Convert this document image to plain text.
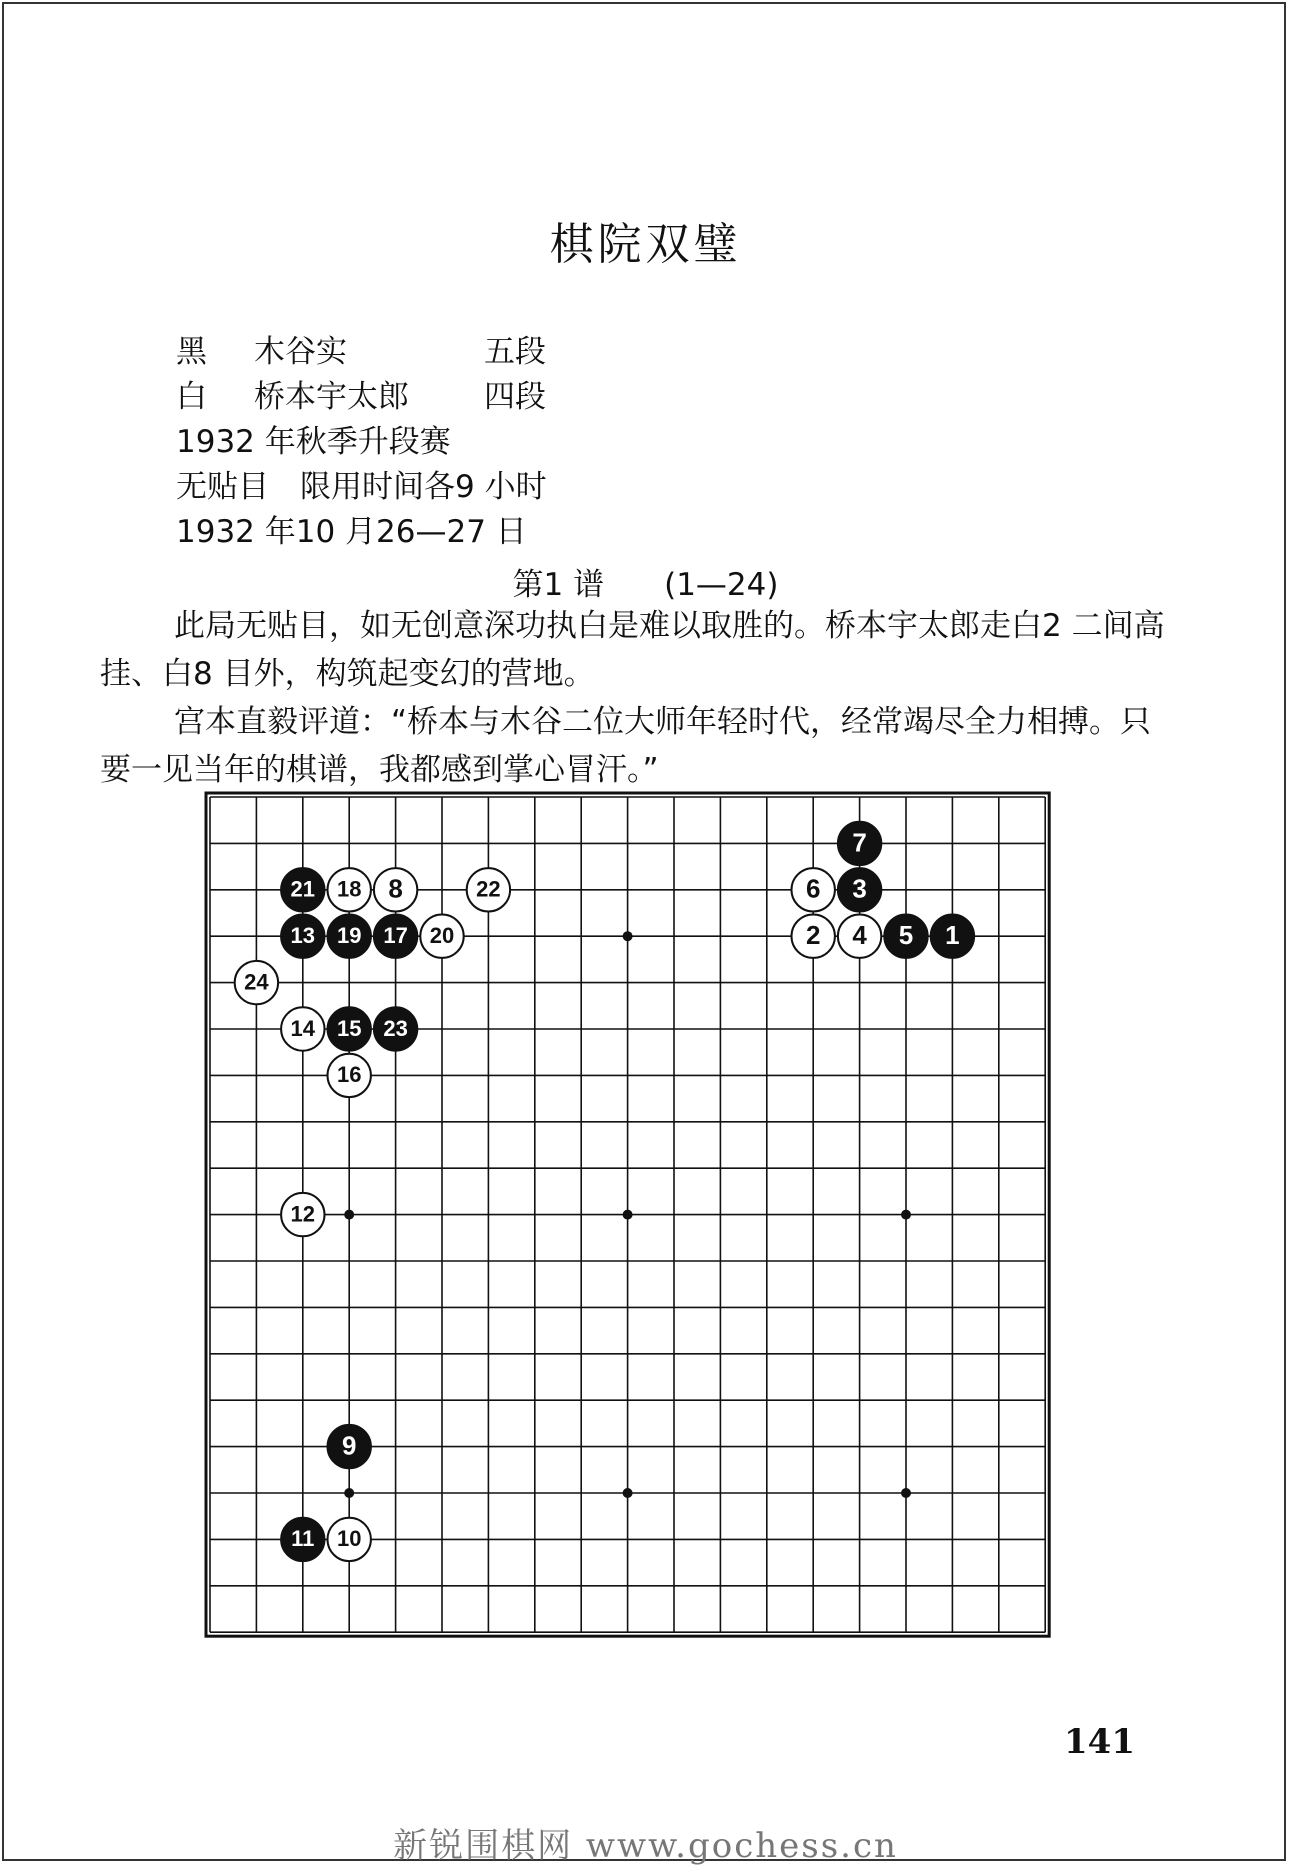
棋院双璧
黑 木谷实	五段
白 桥本宇太郎 四段
1932 年秋季升段赛
无贴目　限用时间各9 小时
1932 年10 月26—27 日
第1 谱 (1—24)
此局无贴目，如无创意深功执白是难以取胜的。桥本宇太郎走白2 二间高挂、白8 目外，构筑起变幻的营地。
宫本直毅评道：“桥本与木谷二位大师年轻时代，经常竭尽全力相搏。只要一见当年的棋谱，我都感到掌心冒汗。”
1
2
3
4 5
6
7
8
9
10
11
12
13
14 15
16
17
18
19	20
21	22
23
24
141
新锐围棋网 www.gochess.cn
